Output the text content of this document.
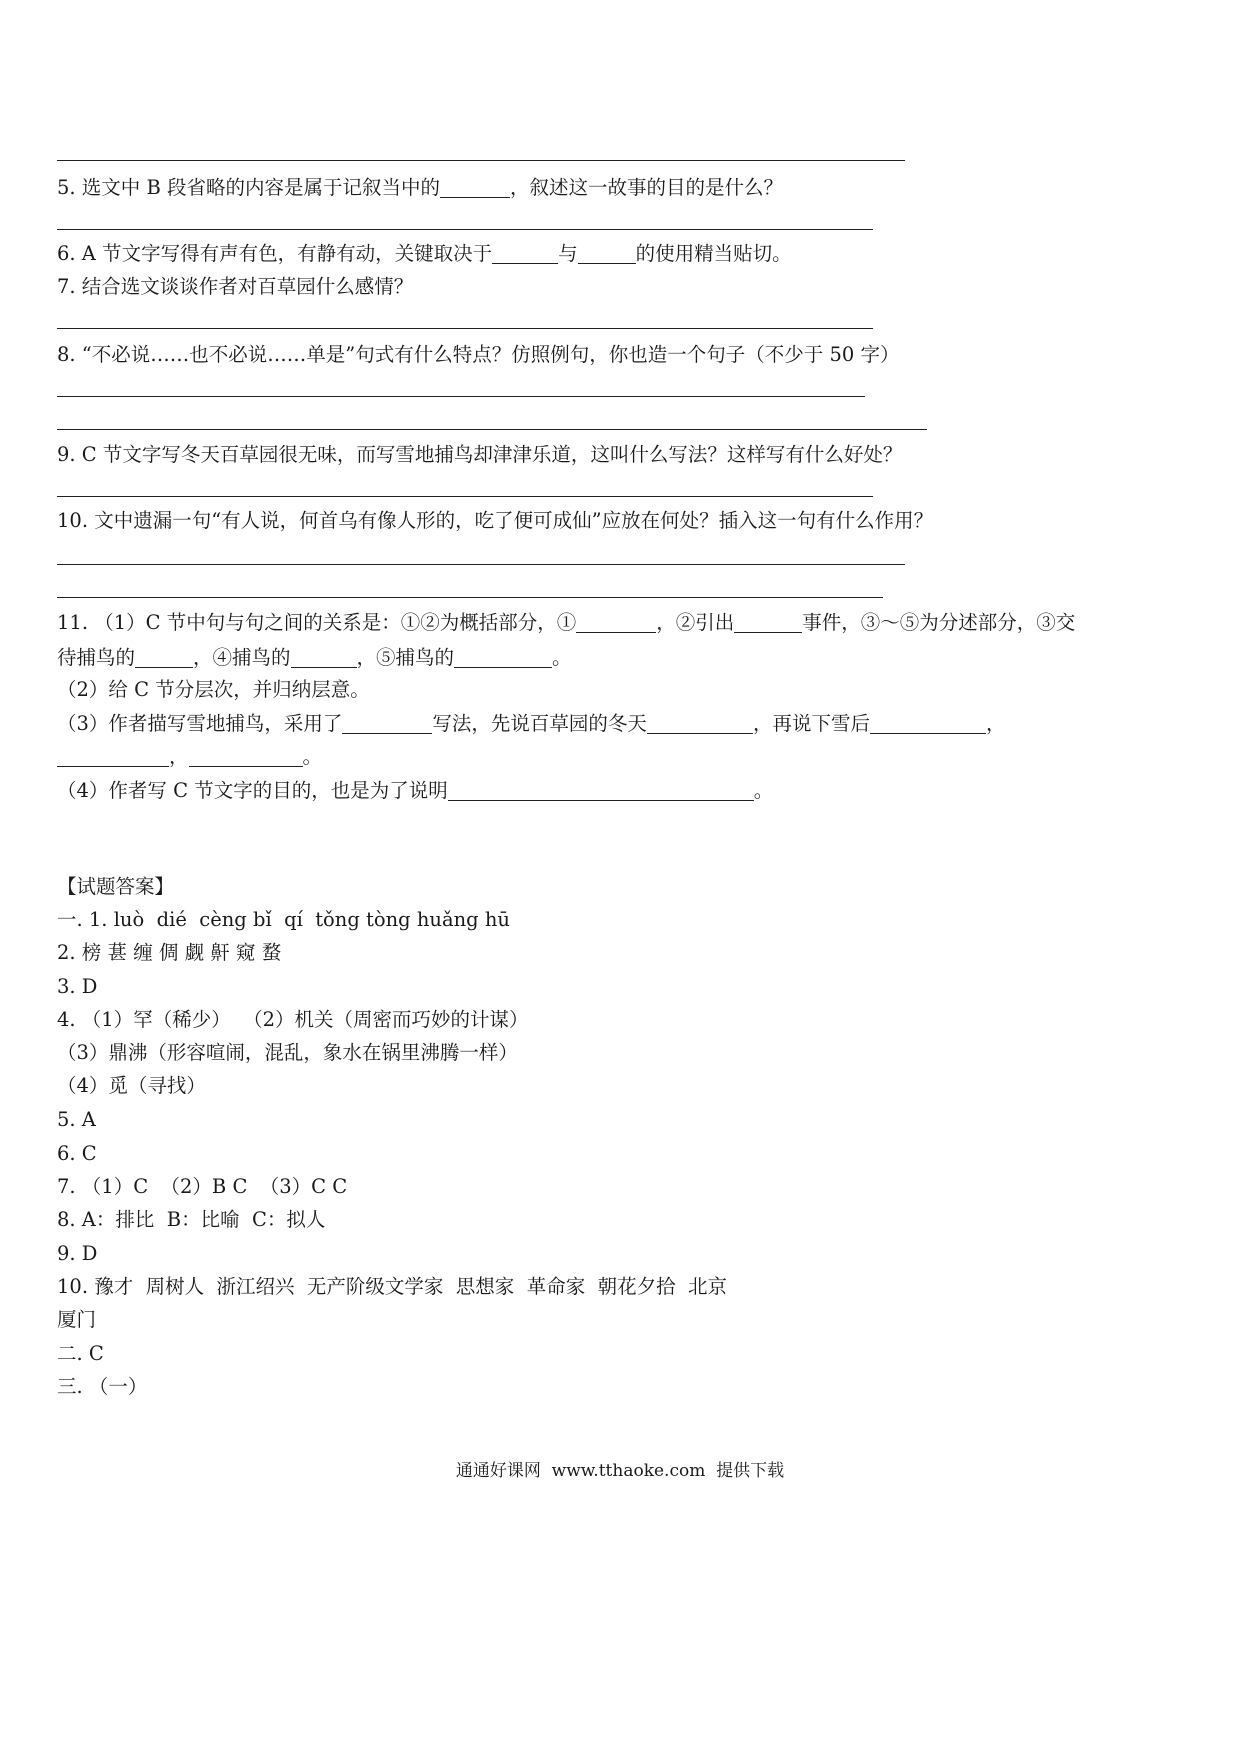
5. 选文中 B 段省略的内容是属于记叙当中的	，叙述这一故事的目的是什么？
6. A 节文字写得有声有色，有静有动，关键取决于	与	的使用精当贴切。
7. 结合选文谈谈作者对百草园什么感情？
8. “不必说……也不必说……单是”句式有什么特点？仿照例句，你也造一个句子（不少于 50 字）
9. C 节文字写冬天百草园很无味，而写雪地捕鸟却津津乐道，这叫什么写法？这样写有什么好处？
10. 文中遗漏一句“有人说，何首乌有像人形的，吃了便可成仙”应放在何处？插入这一句有什么作用？
11. （1）C 节中句与句之间的关系是：①②为概括部分，①	，②引出	事件，③～⑤为分述部分，③交
待捕鸟的	，④捕鸟的	，⑤捕鸟的	。
（2）给 C 节分层次，并归纳层意。
（3）作者描写雪地捕鸟，采用了	写法，先说百草园的冬天	，再说下雪后	，
，	。
（4）作者写 C 节文字的目的，也是为了说明	。
【试题答案】
一. 1. luò  dié  cèng bǐ  qí  tǒng tòng huǎng hū
2. 榜 葚 缠 倜 觑 鼾 窥 蝥
3. D
4. （1）罕（稀少）  （2）机关（周密而巧妙的计谋）
（3）鼎沸（形容喧闹，混乱，象水在锅里沸腾一样）
（4）觅（寻找）
5. A
6. C
7. （1）C  （2）B C  （3）C C
8. A：排比  B：比喻  C：拟人
9. D
10. 豫才  周树人  浙江绍兴  无产阶级文学家  思想家  革命家  朝花夕拾  北京
厦门
二. C
三. （一）
通通好课网  www.tthaoke.com  提供下载
